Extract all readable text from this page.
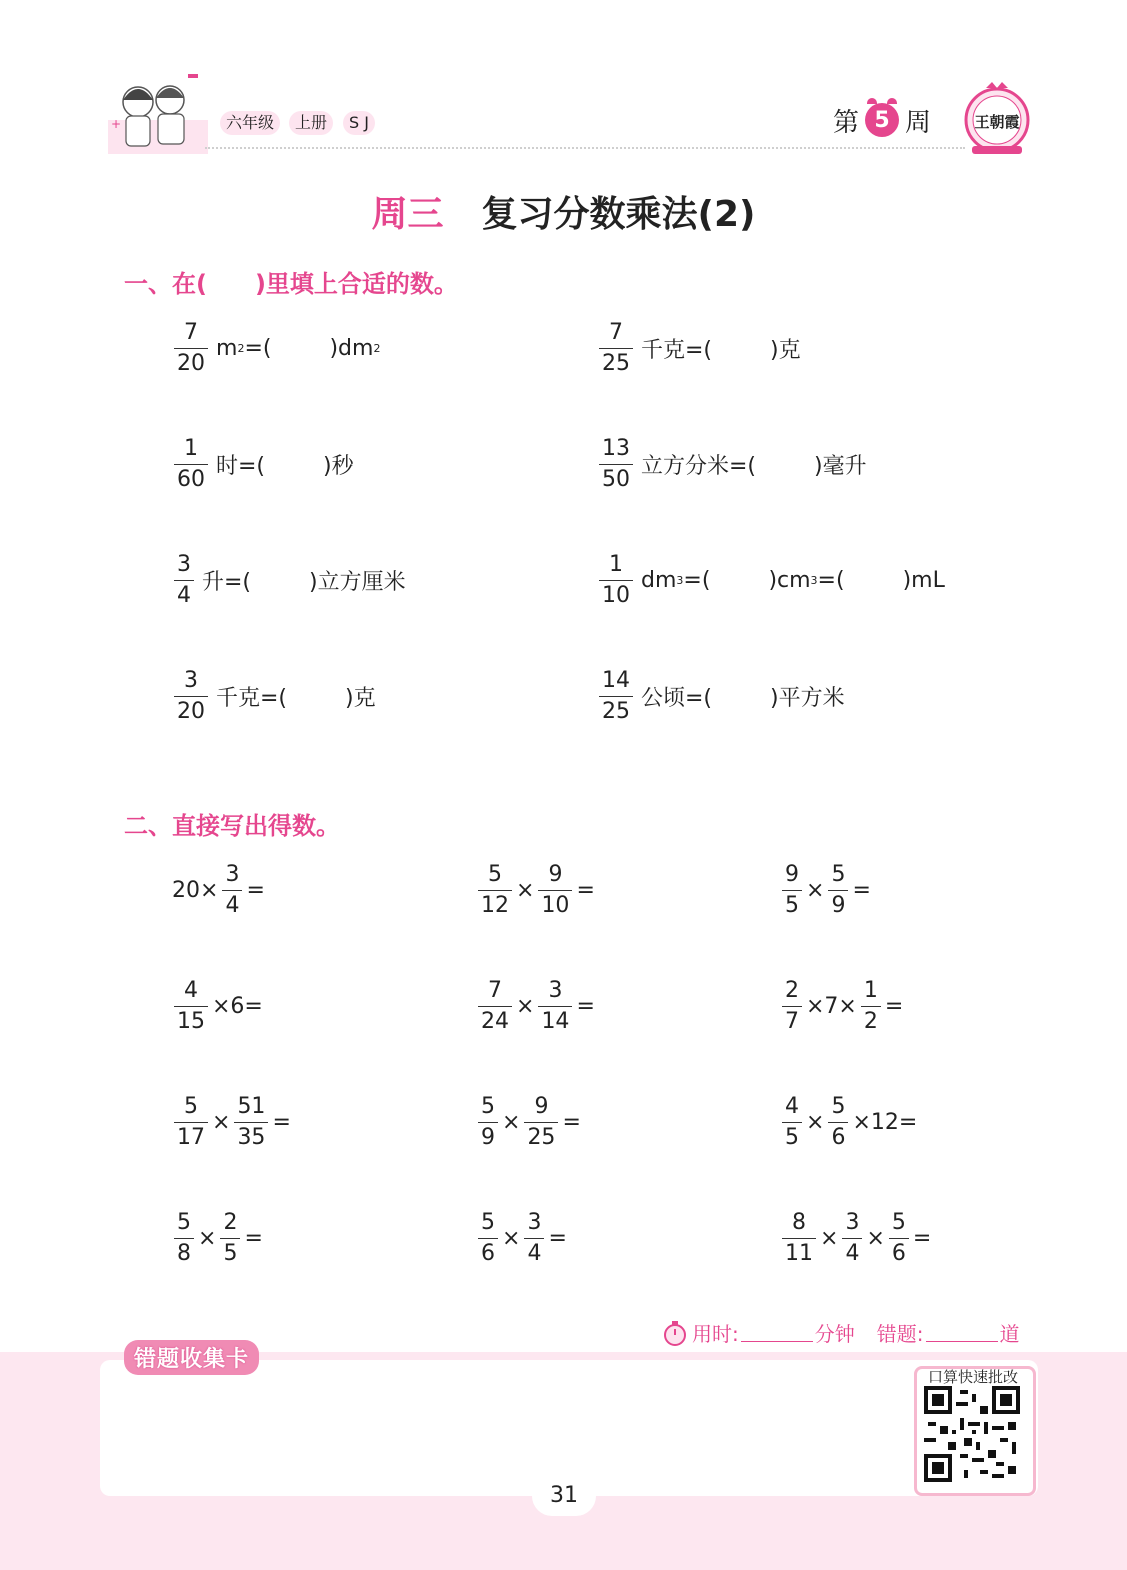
+	六年级	上册	S J	第 5 周	王朝霞
周三 复习分数乘法(2)
一、在(　　)里填上合适的数。
$\frac{7}{20}$ m 2 =(	)dm 2	$\frac{7}{25}$ 千克=(	)克
$\frac{1}{60}$ 时=(	)秒	$\frac{13}{50}$ 立方分米=(	)毫升
$\frac{3}{4}$ 升=(	)立方厘米	$\frac{1}{10}$ dm 3 =(	)cm 3 =(	)mL
$\frac{3}{20}$ 千克=(	)克	$\frac{14}{25}$ 公顷=(	)平方米
二、直接写出得数。
$20\times \frac{3}{4}$ =	$\frac{5}{12} \times \frac{9}{10}$ =	$\frac{9}{5} \times \frac{5}{9}$ =
$\frac{4}{15} \times 6=$	$\frac{7}{24} \times \frac{3}{14}$ =	$\frac{2}{7} \times 7\times \frac{1}{2}$ =
$\frac{5}{17} \times \frac{51}{35}$ =	$\frac{5}{9} \times \frac{9}{25}$ =	$\frac{4}{5} \times \frac{5}{6} \times 12=$
$\frac{5}{8} \times \frac{2}{5}$ =	$\frac{5}{6} \times \frac{3}{4}$ =	$\frac{8}{11} \times \frac{3}{4} \times \frac{5}{6}$ =
用时:	分钟 错题:	道
错题收集卡
口算快速批改
31
